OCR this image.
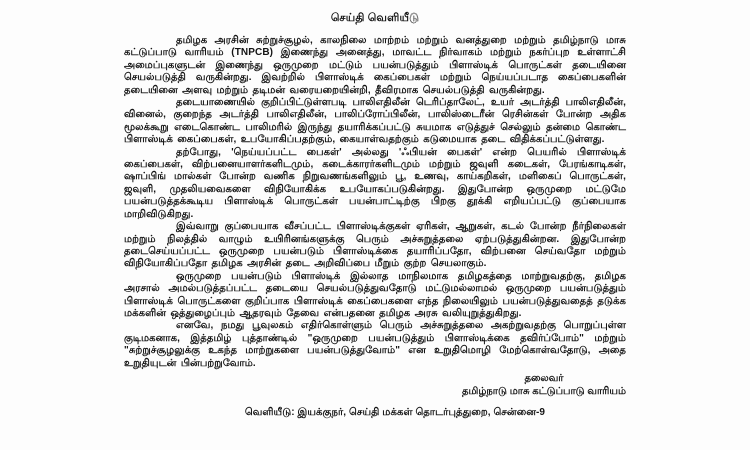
செய்தி வெளியீடு

தமிழக அரசின் சுற்றுச்சூழல், காலநிலை மாற்றம் மற்றும் வனத்துறை மற்றும் தமிழ்நாடு மாசு கட்டுப்பாடு வாரியம் (TNPCB) இணைந்து அனைத்து, மாவட்ட நிர்வாகம் மற்றும் நகர்ப்புற உள்ளாட்சி அமைப்புகளுடன் இணைந்து ஒருமுறை மட்டும் பயன்படுத்தும் பிளாஸ்டிக் பொருட்கள் தடையினை செயல்படுத்தி வருகின்றது. இவற்றில் பிளாஸ்டிக் கைப்பைகள் மற்றும் நெய்யப்படாத கைப்பைகளின் தடையினை அளவு மற்றும் தடிமன் வரையறையின்றி, தீவிரமாக செயல்படுத்தி வருகின்றது.

தடையாணையில் குறிப்பிட்டுள்ளபடி பாலிஎதிலீன் டெரிப்தாலேட், உயர் அடர்த்தி பாலிஎதிலீன், வினைல், குறைந்த அடர்த்தி பாலிஎதிலீன், பாலிப்ரோப்பிலீன், பாலிஸ்டைரீன் ரெசின்கள் போன்ற அதிக மூலக்கூறு எடைகொண்ட பாலிமரில் இருந்து தயாரிக்கப்பட்டு சுயமாக எடுத்துச் செல்லும் தன்மை கொண்ட பிளாஸ்டிக் கைப்பைகள், உபயோகிப்பதற்கும், கையாள்வதற்கும் கடுமையாக தடை விதிக்கப்பட்டுள்ளது.

தற்போது, 'நெய்யப்பட்ட பைகள்' அல்லது 'ஃபியன் பைகள்' என்ற பெயரில் பிளாஸ்டிக் கைப்பைகள், விற்பனையாளர்களிடமும், கடைக்காரர்களிடமும் மற்றும் ஜவுளி கடைகள், பேரங்காடிகள், ஷாப்பிங் மால்கள் போன்ற வணிக நிறுவணங்களிலும் பூ, உணவு, காய்கறிகள், மளிகைப் பொருட்கள், ஜவுளி, முதலியவைகளை விநியோகிக்க உபயோகப்படுகின்றது. இதுபோன்ற ஒருமுறை மட்டுமே பயன்படுத்தக்கூடிய பிளாஸ்டிக் பொருட்கள் பயன்பாட்டிற்கு பிறகு தூக்கி எறியப்பட்டு குப்பையாக மாறிவிடுகிறது.

இவ்வாறு குப்பையாக வீசப்பட்ட பிளாஸ்டிக்குகள் ஏரிகள், ஆறுகள், கடல் போன்ற நீர்நிலைகள் மற்றும் நிலத்தில் வாழும் உயிரினங்களுக்கு பெரும் அச்சுறுத்தலை ஏற்படுத்துகின்றன. இதுபோன்ற தடைசெய்யப்பட்ட ஒருமுறை பயன்படும் பிளாஸ்டிக்கை தயாரிப்பதோ, விற்பனை செய்வதோ மற்றும் விநியோகிப்பதோ தமிழக அரசின் தடை அறிவிப்பை மீறும் குற்ற செயலாகும்.

ஒருமுறை பயன்படும் பிளாஸ்டிக் இல்லாத மாநிலமாக தமிழகத்தை மாற்றுவதற்கு, தமிழக அரசால் அமல்படுத்தப்பட்ட தடையை செயல்படுத்துவதோடு மட்டுமல்லாமல் ஒருமுறை பயன்படுத்தும் பிளாஸ்டிக் பொருட்களை குறிப்பாக பிளாஸ்டிக் கைப்பைகளை எந்த நிலையிலும் பயன்படுத்துவதைத் தடுக்க மக்களின் ஒத்துழைப்பும் ஆதரவும் தேவை என்பதனை தமிழக அரசு வலியுறுத்துகிறது.

எனவே, நமது பூவுலகம் எதிர்கொள்ளும் பெரும் அச்சுறுத்தலை அகற்றுவதற்கு பொறுப்புள்ள குடிமகனாக, இத்தமிழ் புத்தாண்டில் "ஒருமுறை பயன்படுத்தும் பிளாஸ்டிக்கை தவிர்ப்போம்" மற்றும் "சுற்றுச்சூழலுக்கு உகந்த மாற்றுகளை பயன்படுத்துவோம்" என உறுதிமொழி மேற்கொள்வதோடு, அதை உறுதியுடன் பின்பற்றுவோம்.

தலைவர்
தமிழ்நாடு மாசு கட்டுப்பாடு வாரியம்
வெளியீடு: இயக்குநர், செய்தி மக்கள் தொடர்புத்துறை, சென்னை-9
